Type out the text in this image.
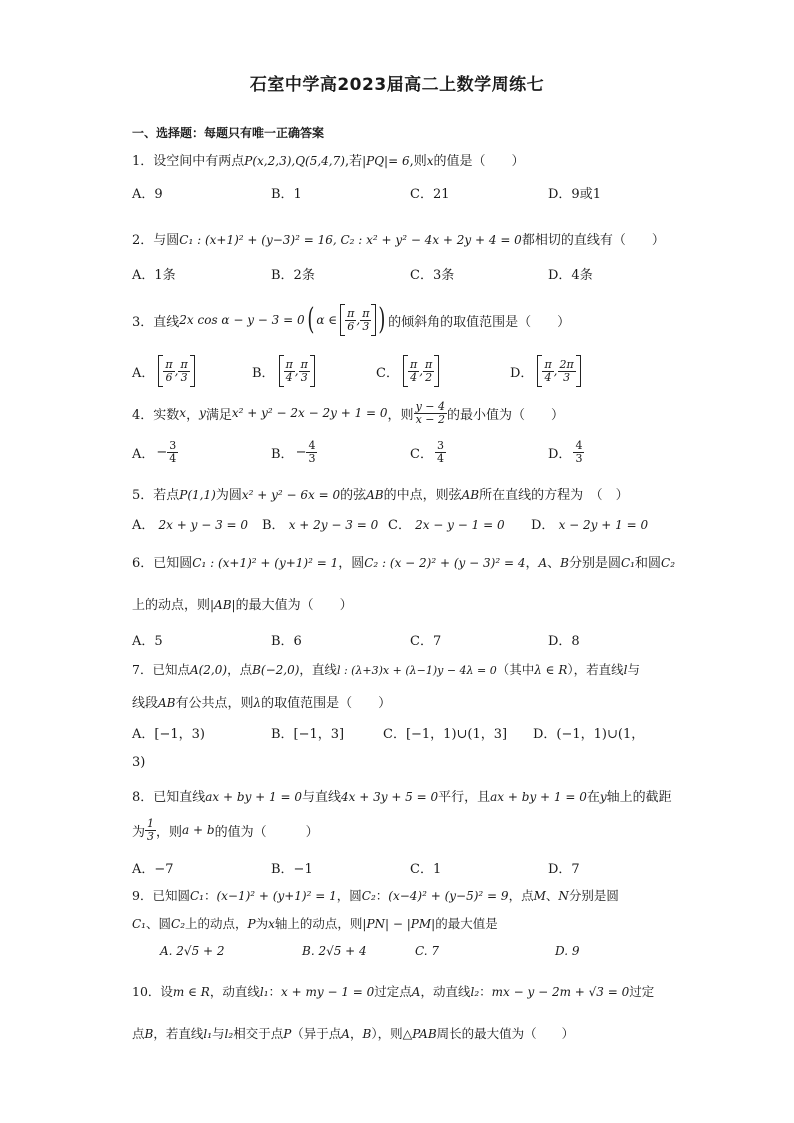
石室中学高2023届高二上数学周练七
一、选择题：每题只有唯一正确答案
1．设空间中有两点P(x,2,3),Q(5,4,7),若|PQ|= 6,则x的值是（　　）
A．9	B．1	C．21	D．9或1
2．与圆C₁ : (x+1)² + (y−3)² = 16, C₂ : x² + y² − 4x + 2y + 4 = 0都相切的直线有（　　）
A．1条	B．2条	C．3条	D．4条
3．直线 2x cos α − y − 3 = 0 ( α ∈ $\frac{\pi}{6}$ , $\frac{\pi}{3}$ ) 的倾斜角的取值范围是（　　）
A． $\frac{\pi}{6}$ , $\frac{\pi}{3}$	B． $\frac{\pi}{4}$ , $\frac{\pi}{3}$	C． $\frac{\pi}{4}$ , $\frac{\pi}{2}$	D． $\frac{\pi}{4}$ , $\frac{2\pi}{3}$
4．实数 x ， y 满足 x² + y² − 2x − 2y + 1 = 0 ，则 $\frac{y - 4}{x - 2}$ 的最小值为（　　）
A． − $\frac{3}{4}$	B． − $\frac{4}{3}$	C． $\frac{3}{4}$	D． $\frac{4}{3}$
5．若点P(1,1)为圆x² + y² − 6x = 0的弦AB的中点，则弦AB所在直线的方程为　（　）
A． 2x + y − 3 = 0 B． x + 2y − 3 = 0 C． 2x − y − 1 = 0 D． x − 2y + 1 = 0
6．已知圆C₁ : (x+1)² + (y+1)² = 1，圆C₂ : (x − 2)² + (y − 3)² = 4，A、B分别是圆C₁和圆C₂
上的动点，则|AB|的最大值为（　　）
A．5	B．6	C．7	D．8
7．已知点A(2,0)，点B(−2,0)，直线l : (λ+3)x + (λ−1)y − 4λ = 0（其中λ ∈ R），若直线l与
线段AB有公共点，则λ的取值范围是（　　）
A．[−1，3)	B．[−1，3]	C．[−1，1)∪(1，3] D．(−1，1)∪(1，
3)
8．已知直线ax + by + 1 = 0与直线4x + 3y + 5 = 0平行，且ax + by + 1 = 0在y轴上的截距
为 $\frac{1}{3}$ ，则 a + b 的值为（　　　）
A．−7	B．−1	C．1	D．7
9．已知圆C₁：(x−1)² + (y+1)² = 1，圆C₂：(x−4)² + (y−5)² = 9，点M、N分别是圆
C₁、圆C₂上的动点，P为x轴上的动点，则|PN| − |PM|的最大值是
A. 2√5 + 2	B. 2√5 + 4	C. 7	D. 9
10．设m ∈ R，动直线l₁：x + my − 1 = 0过定点A，动直线l₂：mx − y − 2m + √3 = 0过定
点B，若直线l₁与l₂相交于点P（异于点A，B），则△PAB周长的最大值为（　　）
